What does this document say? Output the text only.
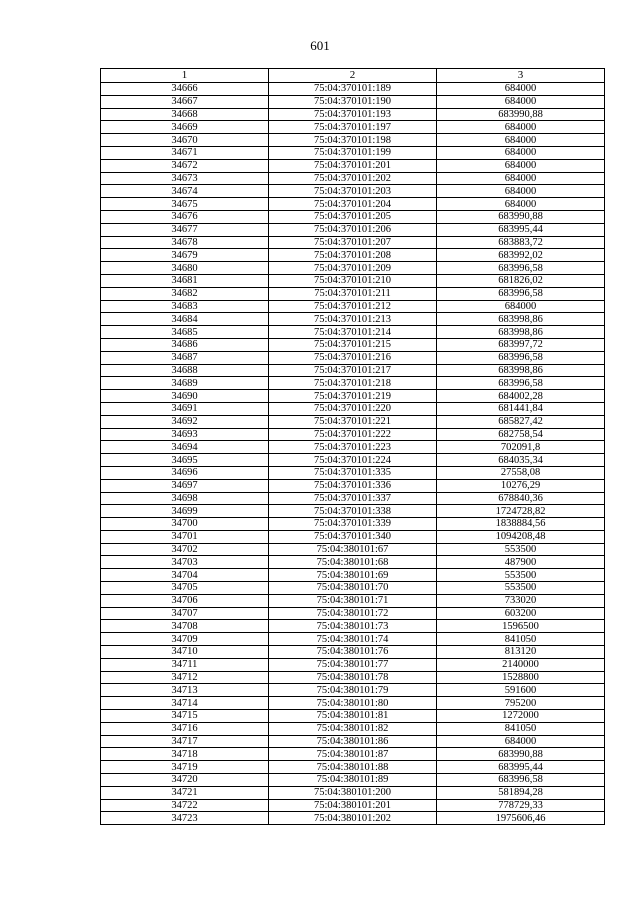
601
1	2	3
34666	75:04:370101:189	684000
34667	75:04:370101:190	684000
34668	75:04:370101:193	683990,88
34669	75:04:370101:197	684000
34670	75:04:370101:198	684000
34671	75:04:370101:199	684000
34672	75:04:370101:201	684000
34673	75:04:370101:202	684000
34674	75:04:370101:203	684000
34675	75:04:370101:204	684000
34676	75:04:370101:205	683990,88
34677	75:04:370101:206	683995,44
34678	75:04:370101:207	683883,72
34679	75:04:370101:208	683992,02
34680	75:04:370101:209	683996,58
34681	75:04:370101:210	681826,02
34682	75:04:370101:211	683996,58
34683	75:04:370101:212	684000
34684	75:04:370101:213	683998,86
34685	75:04:370101:214	683998,86
34686	75:04:370101:215	683997,72
34687	75:04:370101:216	683996,58
34688	75:04:370101:217	683998,86
34689	75:04:370101:218	683996,58
34690	75:04:370101:219	684002,28
34691	75:04:370101:220	681441,84
34692	75:04:370101:221	685827,42
34693	75:04:370101:222	682758,54
34694	75:04:370101:223	702091,8
34695	75:04:370101:224	684035,34
34696	75:04:370101:335	27558,08
34697	75:04:370101:336	10276,29
34698	75:04:370101:337	678840,36
34699	75:04:370101:338	1724728,82
34700	75:04:370101:339	1838884,56
34701	75:04:370101:340	1094208,48
34702	75:04:380101:67	553500
34703	75:04:380101:68	487900
34704	75:04:380101:69	553500
34705	75:04:380101:70	553500
34706	75:04:380101:71	733020
34707	75:04:380101:72	603200
34708	75:04:380101:73	1596500
34709	75:04:380101:74	841050
34710	75:04:380101:76	813120
34711	75:04:380101:77	2140000
34712	75:04:380101:78	1528800
34713	75:04:380101:79	591600
34714	75:04:380101:80	795200
34715	75:04:380101:81	1272000
34716	75:04:380101:82	841050
34717	75:04:380101:86	684000
34718	75:04:380101:87	683990,88
34719	75:04:380101:88	683995,44
34720	75:04:380101:89	683996,58
34721	75:04:380101:200	581894,28
34722	75:04:380101:201	778729,33
34723	75:04:380101:202	1975606,46
